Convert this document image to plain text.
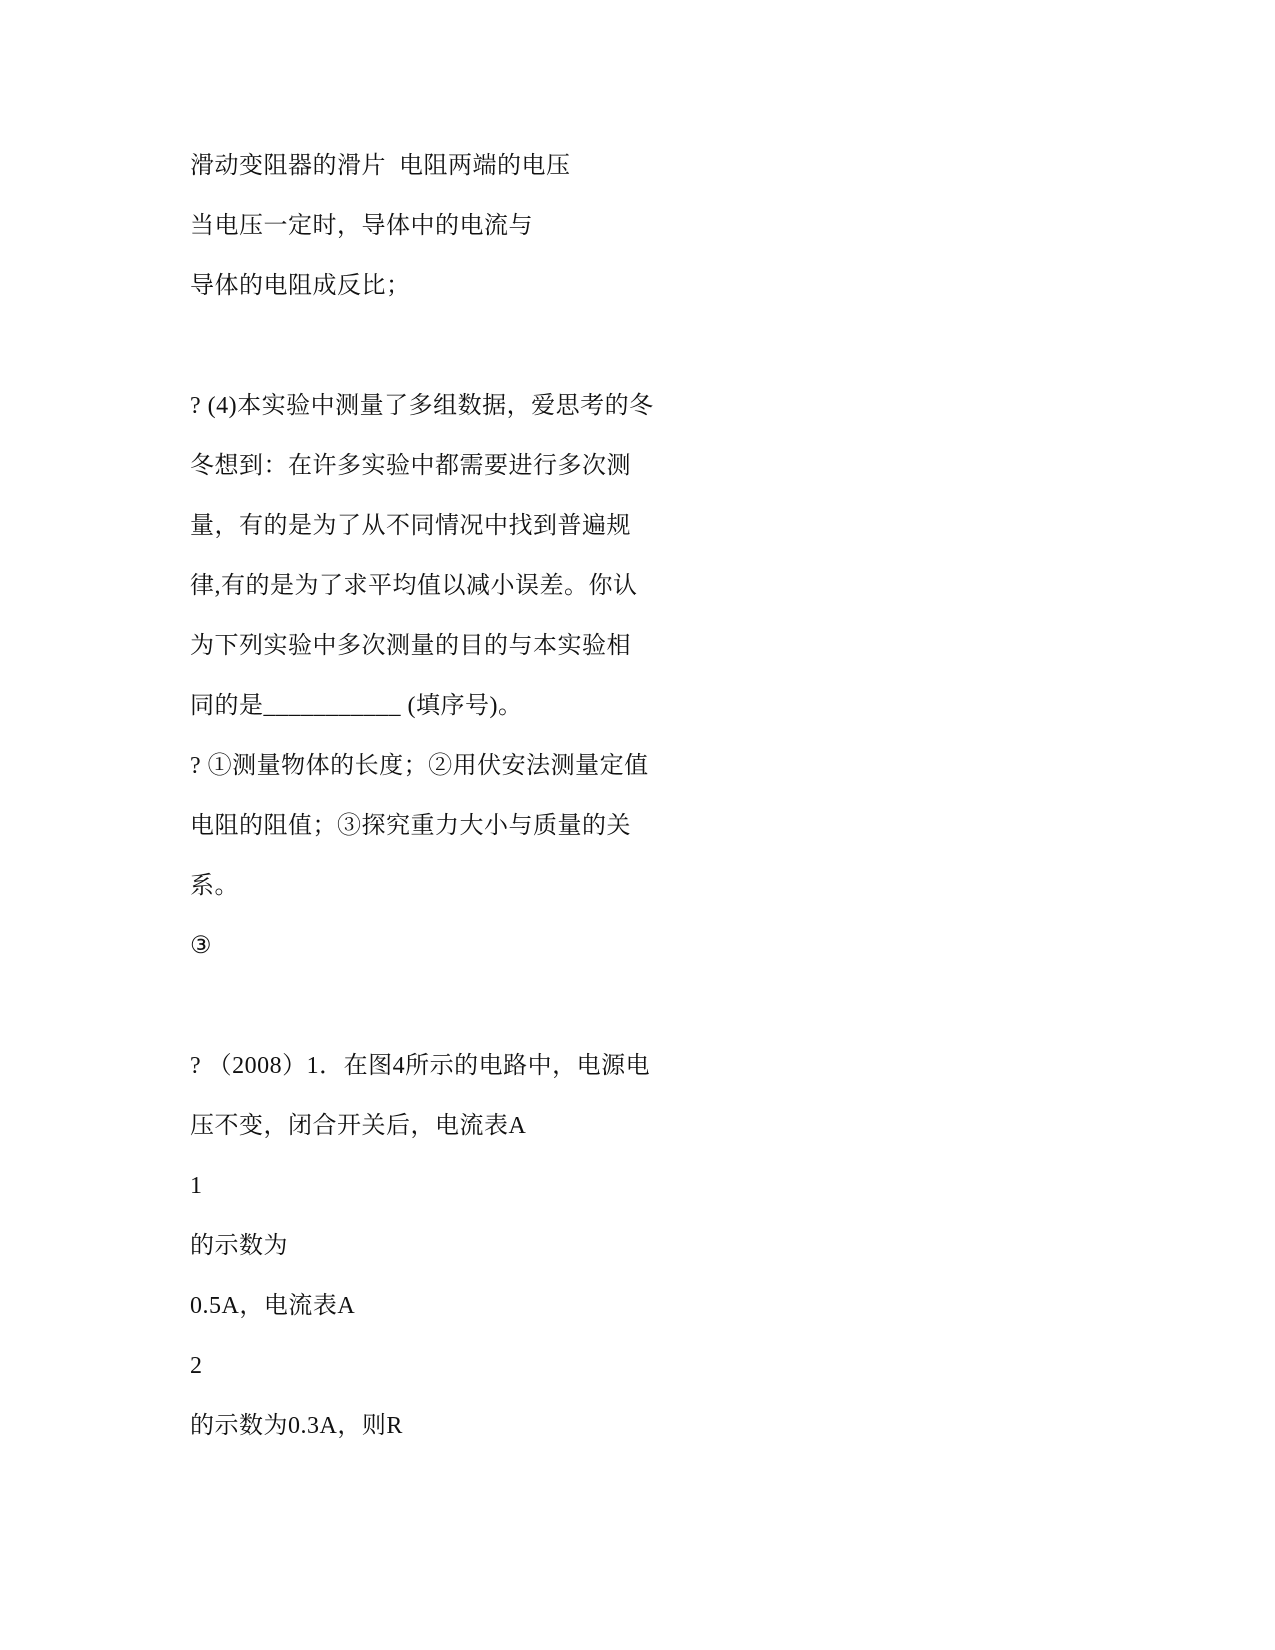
滑动变阻器的滑片  电阻两端的电压
当电压一定时，导体中的电流与
导体的电阻成反比；
? (4)本实验中测量了多组数据，爱思考的冬
冬想到：在许多实验中都需要进行多次测
量，有的是为了从不同情况中找到普遍规
律,有的是为了求平均值以减小误差。你认
为下列实验中多次测量的目的与本实验相
同的是___________ (填序号)。
? ①测量物体的长度；②用伏安法测量定值
电阻的阻值；③探究重力大小与质量的关
系。
③
? （2008）1．在图4所示的电路中，电源电
压不变，闭合开关后，电流表A
1
的示数为
0.5A，电流表A
2
的示数为0.3A，则R
